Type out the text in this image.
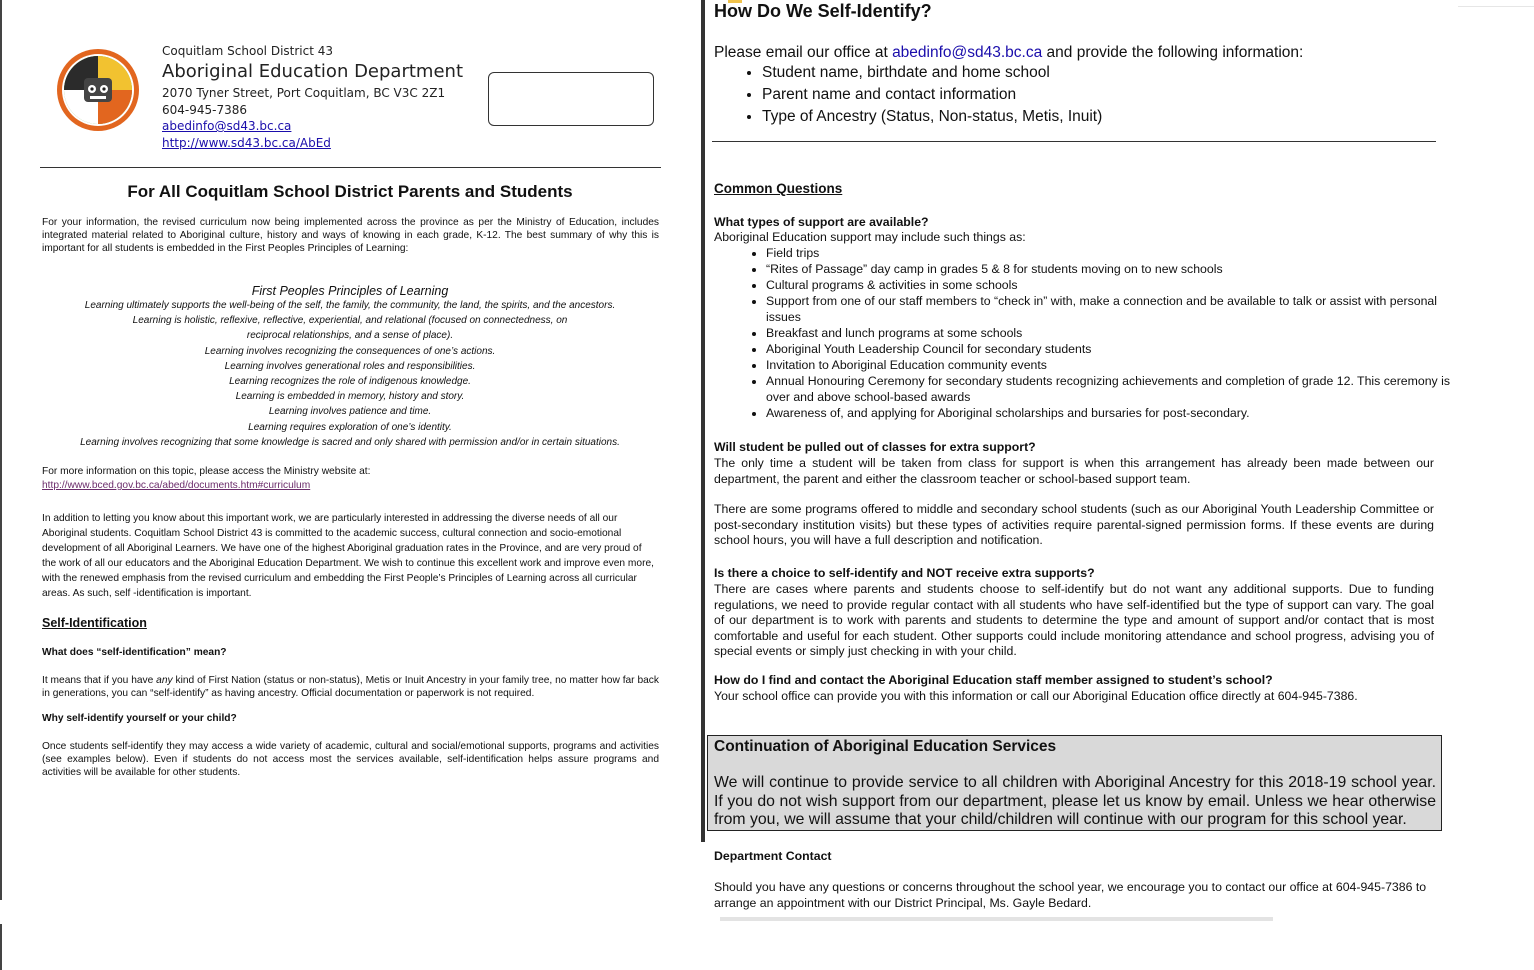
Coquitlam School District 43
Aboriginal Education Department
2070 Tyner Street, Port Coquitlam, BC V3C 2Z1
604-945-7386
abedinfo@sd43.bc.ca
http://www.sd43.bc.ca/AbEd
For All Coquitlam School District Parents and Students
For your information, the revised curriculum now being implemented across the province as per the Ministry of Education, includes integrated material related to Aboriginal culture, history and ways of knowing in each grade, K-12. The best summary of why this is important for all students is embedded in the First Peoples Principles of Learning:
First Peoples Principles of Learning
Learning ultimately supports the well-being of the self, the family, the community, the land, the spirits, and the ancestors.
Learning is holistic, reflexive, reflective, experiential, and relational (focused on connectedness, on reciprocal relationships, and a sense of place).
Learning involves recognizing the consequences of one’s actions.
Learning involves generational roles and responsibilities.
Learning recognizes the role of indigenous knowledge.
Learning is embedded in memory, history and story.
Learning involves patience and time.
Learning requires exploration of one’s identity.
Learning involves recognizing that some knowledge is sacred and only shared with permission and/or in certain situations.
For more information on this topic, please access the Ministry website at:
http://www.bced.gov.bc.ca/abed/documents.htm#curriculum
In addition to letting you know about this important work, we are particularly interested in addressing the diverse needs of all our Aboriginal students. Coquitlam School District 43 is committed to the academic success, cultural connection and socio-emotional development of all Aboriginal Learners. We have one of the highest Aboriginal graduation rates in the Province, and are very proud of the work of all our educators and the Aboriginal Education Department. We wish to continue this excellent work and improve even more, with the renewed emphasis from the revised curriculum and embedding the First People’s Principles of Learning across all curricular areas. As such, self -identification is important.
Self-Identification
What does “self-identification” mean?
It means that if you have any kind of First Nation (status or non-status), Metis or Inuit Ancestry in your family tree, no matter how far back in generations, you can “self-identify” as having ancestry. Official documentation or paperwork is not required.
Why self-identify yourself or your child?
Once students self-identify they may access a wide variety of academic, cultural and social/emotional supports, programs and activities (see examples below). Even if students do not access most the services available, self-identification helps assure programs and activities will be available for other students.
How Do We Self-Identify?
Please email our office at abedinfo@sd43.bc.ca and provide the following information:
• Student name, birthdate and home school
• Parent name and contact information
• Type of Ancestry (Status, Non-status, Metis, Inuit)
Common Questions
What types of support are available?
Aboriginal Education support may include such things as:
• Field trips
• “Rites of Passage” day camp in grades 5 & 8 for students moving on to new schools
• Cultural programs & activities in some schools
• Support from one of our staff members to “check in” with, make a connection and be available to talk or assist with personal issues
• Breakfast and lunch programs at some schools
• Aboriginal Youth Leadership Council for secondary students
• Invitation to Aboriginal Education community events
• Annual Honouring Ceremony for secondary students recognizing achievements and completion of grade 12. This ceremony is over and above school-based awards
• Awareness of, and applying for Aboriginal scholarships and bursaries for post-secondary.
Will student be pulled out of classes for extra support?
The only time a student will be taken from class for support is when this arrangement has already been made between our department, the parent and either the classroom teacher or school-based support team.
There are some programs offered to middle and secondary school students (such as our Aboriginal Youth Leadership Committee or post-secondary institution visits) but these types of activities require parental-signed permission forms. If these events are during school hours, you will have a full description and notification.
Is there a choice to self-identify and NOT receive extra supports?
There are cases where parents and students choose to self-identify but do not want any additional supports. Due to funding regulations, we need to provide regular contact with all students who have self-identified but the type of support can vary. The goal of our department is to work with parents and students to determine the type and amount of support and/or contact that is most comfortable and useful for each student. Other supports could include monitoring attendance and school progress, advising you of special events or simply just checking in with your child.
How do I find and contact the Aboriginal Education staff member assigned to student’s school?
Your school office can provide you with this information or call our Aboriginal Education office directly at 604-945-7386.
Continuation of Aboriginal Education Services
We will continue to provide service to all children with Aboriginal Ancestry for this 2018-19 school year. If you do not wish support from our department, please let us know by email. Unless we hear otherwise from you, we will assume that your child/children will continue with our program for this school year.
Department Contact
Should you have any questions or concerns throughout the school year, we encourage you to contact our office at 604-945-7386 to arrange an appointment with our District Principal, Ms. Gayle Bedard.
